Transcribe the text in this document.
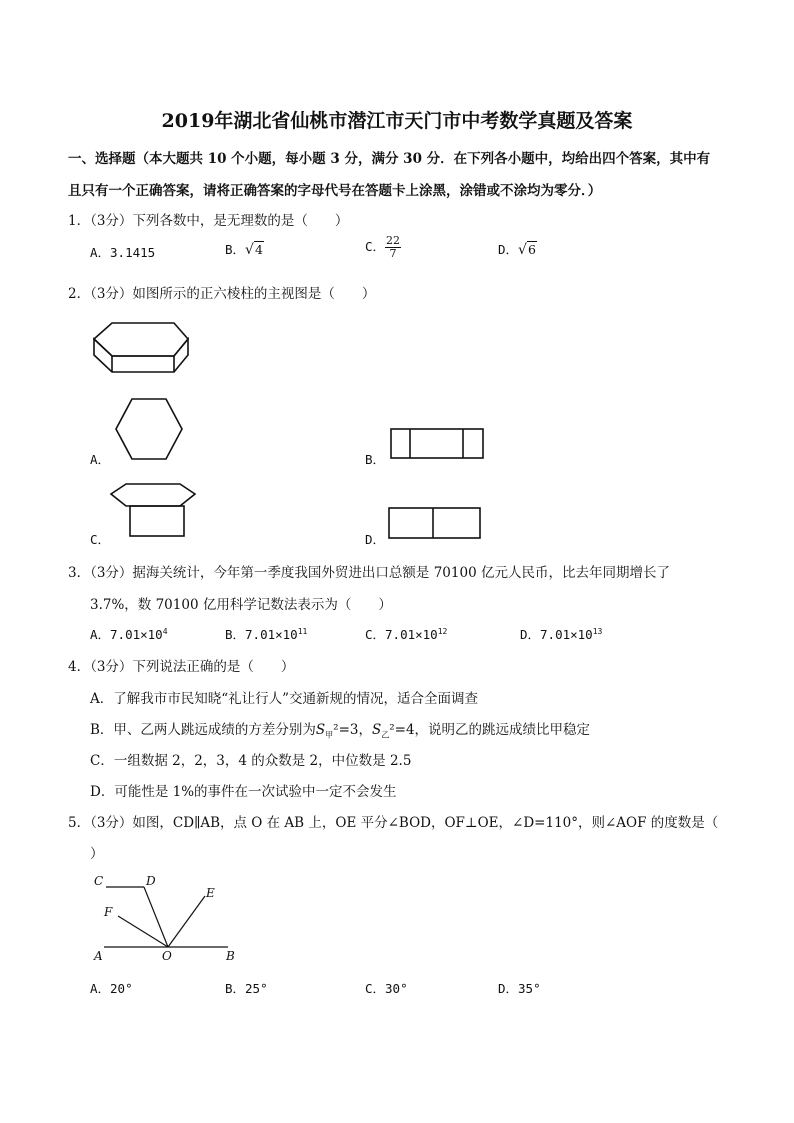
2019年湖北省仙桃市潜江市天门市中考数学真题及答案
一、选择题（本大题共 10 个小题，每小题 3 分，满分 30 分．在下列各小题中，均给出四个答案，其中有
且只有一个正确答案，请将正确答案的字母代号在答题卡上涂黑，涂错或不涂均为零分．）
1．（3分）下列各数中，是无理数的是（　　）
A．3.1415	B．√4	C． $\frac{22}{7}$	D．√6
2．（3分）如图所示的正六棱柱的主视图是（　　）
A．	B．
C．	D．
3．（3分）据海关统计，今年第一季度我国外贸进出口总额是 70100 亿元人民币，比去年同期增长了
3.7%，数 70100 亿用科学记数法表示为（　　）
A．$7.01\times 10^4$	B．$7.01\times 10^{11}$	C．$7.01\times 10^{12}$	D．$7.01\times 10^{13}$
4．（3分）下列说法正确的是（　　）
A．了解我市市民知晓“礼让行人”交通新规的情况，适合全面调查
B．甲、乙两人跳远成绩的方差分别为$S_甲^2=3$，$S_乙^2=4$，说明乙的跳远成绩比甲稳定
C．一组数据 2，2，3，4 的众数是 2，中位数是 2.5
D．可能性是 1%的事件在一次试验中一定不会发生
5．（3分）如图，CD∥AB，点 O 在 AB 上，OE 平分∠BOD，OF⊥OE，∠D=110°，则∠AOF 的度数是（
）
C	D
E
F
A	O	B
A．20°	B．25°	C．30°	D．35°
